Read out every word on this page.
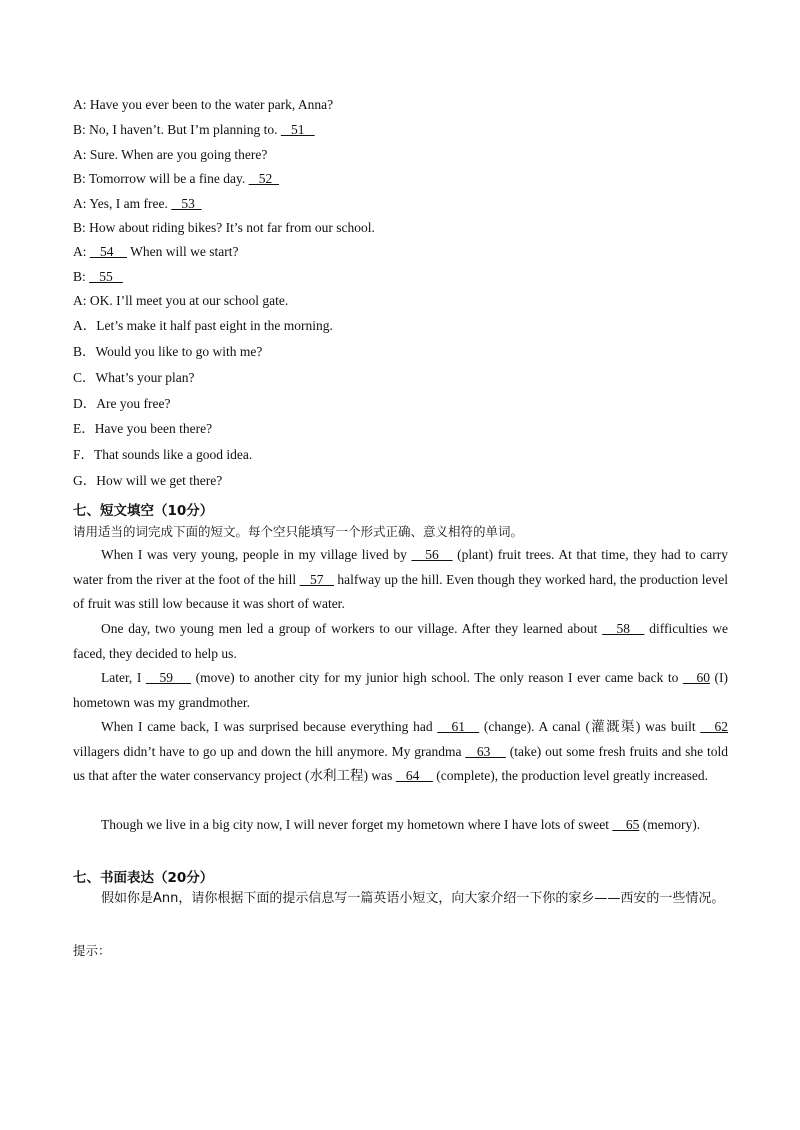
A: Have you ever been to the water park, Anna?
B: No, I haven’t. But I’m planning to.    51
A: Sure. When are you going there?
B: Tomorrow will be a fine day.    52
A: Yes, I am free.    53
B: How about riding bikes? It’s not far from our school.
A:    54     When will we start?
B:    55
A: OK. I’ll meet you at our school gate.
A．Let’s make it half past eight in the morning.
B．Would you like to go with me?
C．What’s your plan?
D．Are you free?
E．Have you been there?
F．That sounds like a good idea.
G．How will we get there?
七、短文填空（10分）
请用适当的词完成下面的短文。每个空只能填写一个形式正确、意义相符的单词。
When I was very young, people in my village lived by    56    (plant) fruit trees. At that time, they had to carry water from the river at the foot of the hill    57    halfway up the hill. Even though they worked hard, the production level of fruit was still low because it was short of water.
One day, two young men led a group of workers to our village. After they learned about    58    difficulties we faced, they decided to help us.
Later, I    59     (move) to another city for my junior high school. The only reason I ever came back to    60 (I) hometown was my grandmother.
When I came back, I was surprised because everything had    61    (change). A canal (灌溉渠) was built    62 villagers didn’t have to go up and down the hill anymore. My grandma    63     (take) out some fresh fruits and she told us that after the water conservancy project (水利工程) was    64     (complete), the production level greatly increased.
Though we live in a big city now, I will never forget my hometown where I have lots of sweet     65 (memory).
七、书面表达（20分）
假如你是Ann，请你根据下面的提示信息写一篇英语小短文，向大家介绍一下你的家乡——西安的一些情况。
提示：
